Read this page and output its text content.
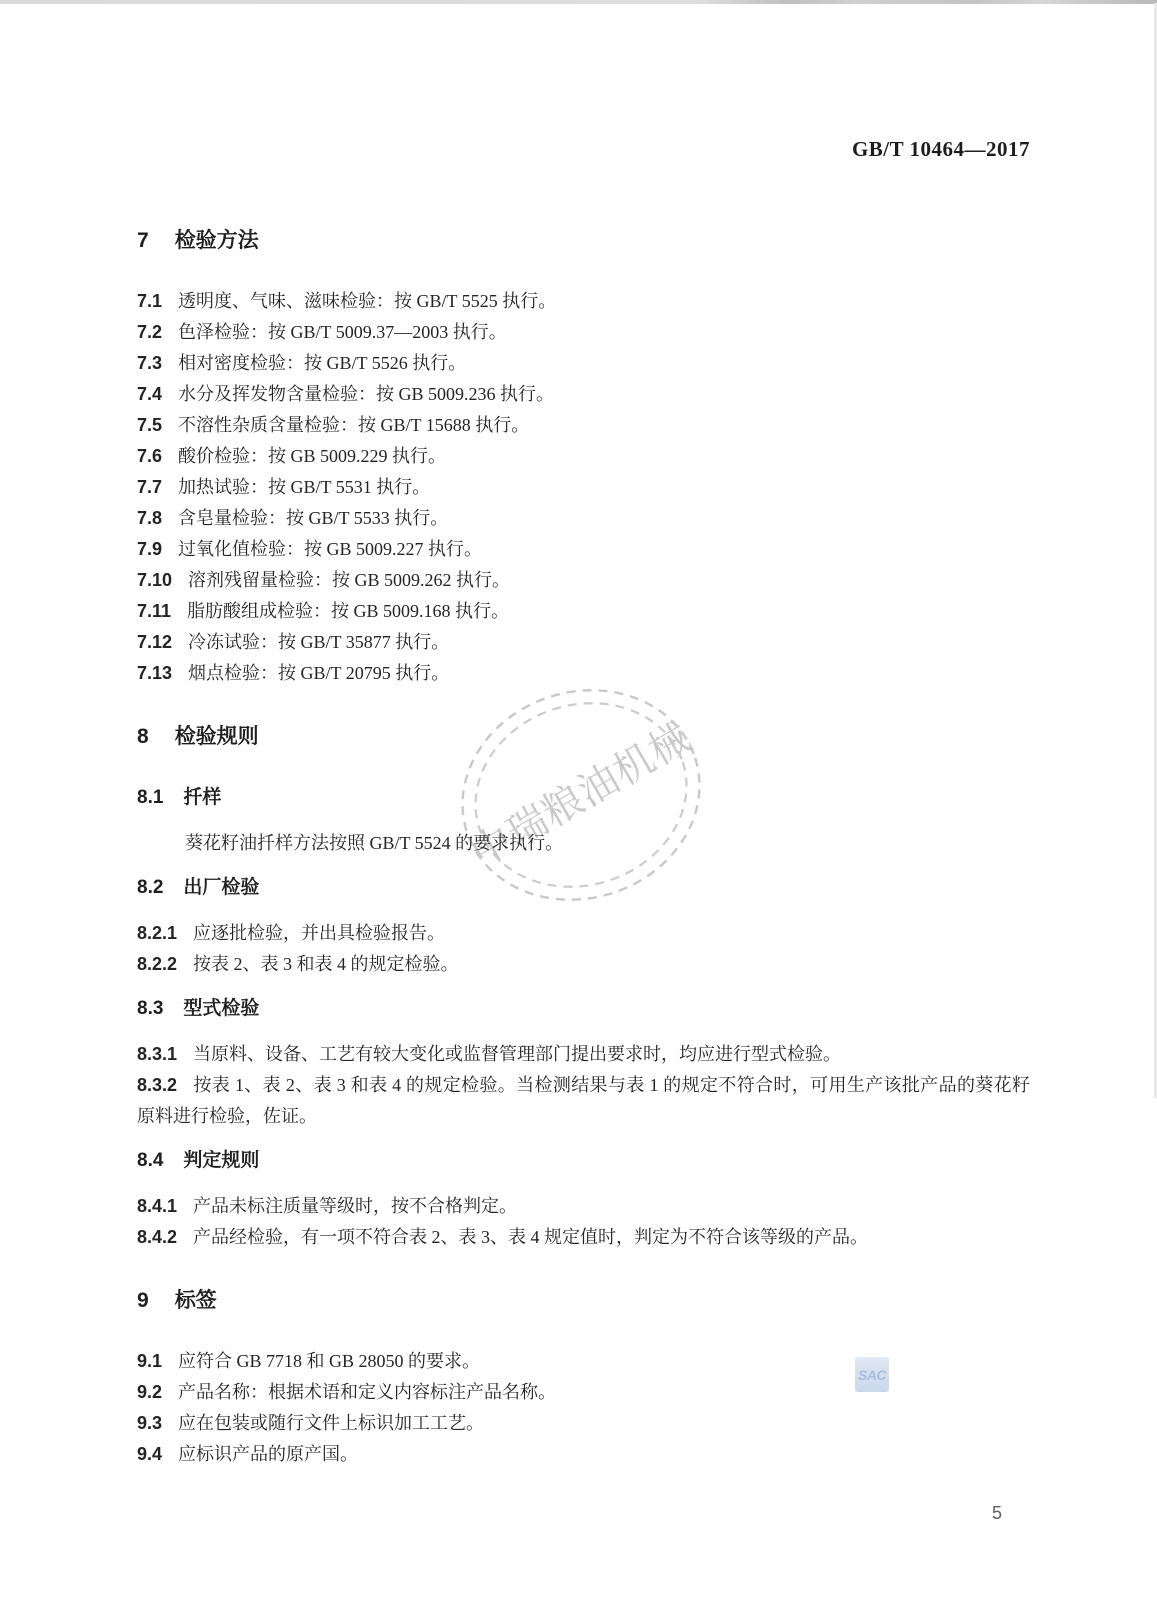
GB/T 10464—2017
中瑞粮油机械
7 检验方法
7.1 透明度、气味、滋味检验：按 GB/T 5525 执行。
7.2 色泽检验：按 GB/T 5009.37—2003 执行。
7.3 相对密度检验：按 GB/T 5526 执行。
7.4 水分及挥发物含量检验：按 GB 5009.236 执行。
7.5 不溶性杂质含量检验：按 GB/T 15688 执行。
7.6 酸价检验：按 GB 5009.229 执行。
7.7 加热试验：按 GB/T 5531 执行。
7.8 含皂量检验：按 GB/T 5533 执行。
7.9 过氧化值检验：按 GB 5009.227 执行。
7.10 溶剂残留量检验：按 GB 5009.262 执行。
7.11 脂肪酸组成检验：按 GB 5009.168 执行。
7.12 冷冻试验：按 GB/T 35877 执行。
7.13 烟点检验：按 GB/T 20795 执行。
8 检验规则
8.1 扦样
葵花籽油扦样方法按照 GB/T 5524 的要求执行。
8.2 出厂检验
8.2.1 应逐批检验，并出具检验报告。
8.2.2 按表 2、表 3 和表 4 的规定检验。
8.3 型式检验
8.3.1 当原料、设备、工艺有较大变化或监督管理部门提出要求时，均应进行型式检验。
8.3.2 按表 1、表 2、表 3 和表 4 的规定检验。当检测结果与表 1 的规定不符合时，可用生产该批产品的葵花籽原料进行检验，佐证。
8.4 判定规则
8.4.1 产品未标注质量等级时，按不合格判定。
8.4.2 产品经检验，有一项不符合表 2、表 3、表 4 规定值时，判定为不符合该等级的产品。
9 标签
9.1 应符合 GB 7718 和 GB 28050 的要求。
9.2 产品名称：根据术语和定义内容标注产品名称。
9.3 应在包装或随行文件上标识加工工艺。
9.4 应标识产品的原产国。
SAC
5
